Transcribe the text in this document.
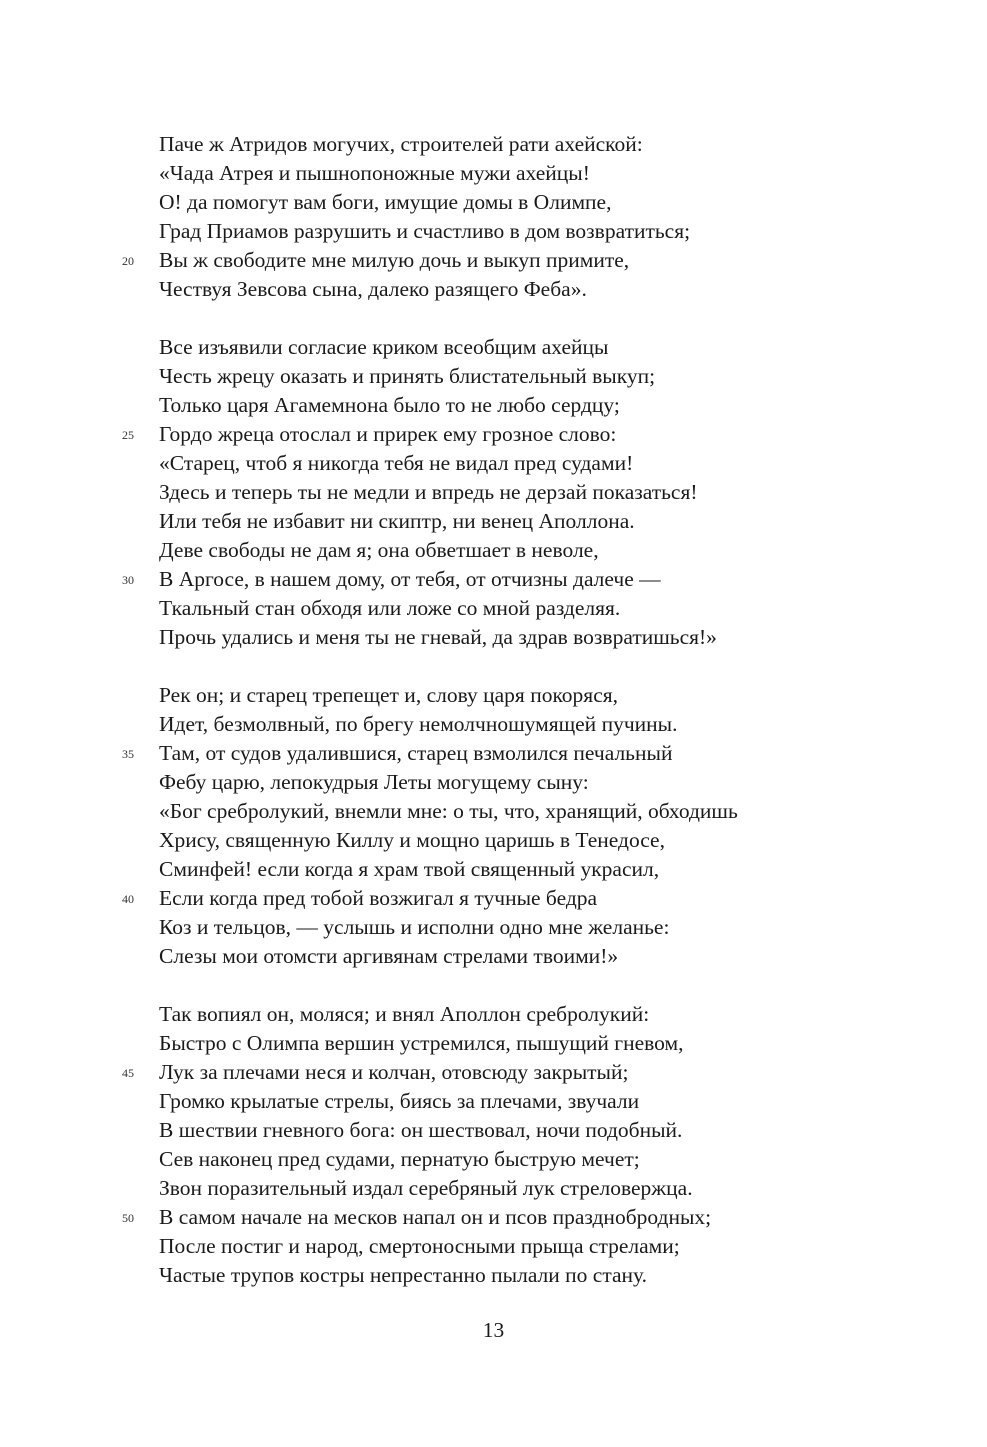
Паче ж Атридов могучих, строителей рати ахейской:
«Чада Атрея и пышнопоножные мужи ахейцы!
О! да помогут вам боги, имущие домы в Олимпе,
Град Приамов разрушить и счастливо в дом возвратиться;
20 Вы ж свободите мне милую дочь и выкуп примите,
Чествуя Зевсова сына, далеко разящего Феба».
Все изъявили согласие криком всеобщим ахейцы
Честь жрецу оказать и принять блистательный выкуп;
Только царя Агамемнона было то не любо сердцу;
25 Гордо жреца отослал и прирек ему грозное слово:
«Старец, чтоб я никогда тебя не видал пред судами!
Здесь и теперь ты не медли и впредь не дерзай показаться!
Или тебя не избавит ни скиптр, ни венец Аполлона.
Деве свободы не дам я; она обветшает в неволе,
30 В Аргосе, в нашем дому, от тебя, от отчизны далече —
Ткальный стан обходя или ложе со мной разделяя.
Прочь удались и меня ты не гневай, да здрав возвратишься!»
Рек он; и старец трепещет и, слову царя покоряся,
Идет, безмолвный, по брегу немолчношумящей пучины.
35 Там, от судов удалившися, старец взмолился печальный
Фебу царю, лепокудрыя Леты могущему сыну:
«Бог сребролукий, внемли мне: о ты, что, хранящий, обходишь
Хрису, священную Киллу и мощно царишь в Тенедосе,
Сминфей! если когда я храм твой священный украсил,
40 Если когда пред тобой возжигал я тучные бедра
Коз и тельцов, — услышь и исполни одно мне желанье:
Слезы мои отомсти аргивянам стрелами твоими!»
Так вопиял он, моляся; и внял Аполлон сребролукий:
Быстро с Олимпа вершин устремился, пышущий гневом,
45 Лук за плечами неся и колчан, отовсюду закрытый;
Громко крылатые стрелы, биясь за плечами, звучали
В шествии гневного бога: он шествовал, ночи подобный.
Сев наконец пред судами, пернатую быструю мечет;
Звон поразительный издал серебряный лук стреловержца.
50 В самом начале на месков напал он и псов празднобродных;
После постиг и народ, смертоносными прыща стрелами;
Частые трупов костры непрестанно пылали по стану.
13
